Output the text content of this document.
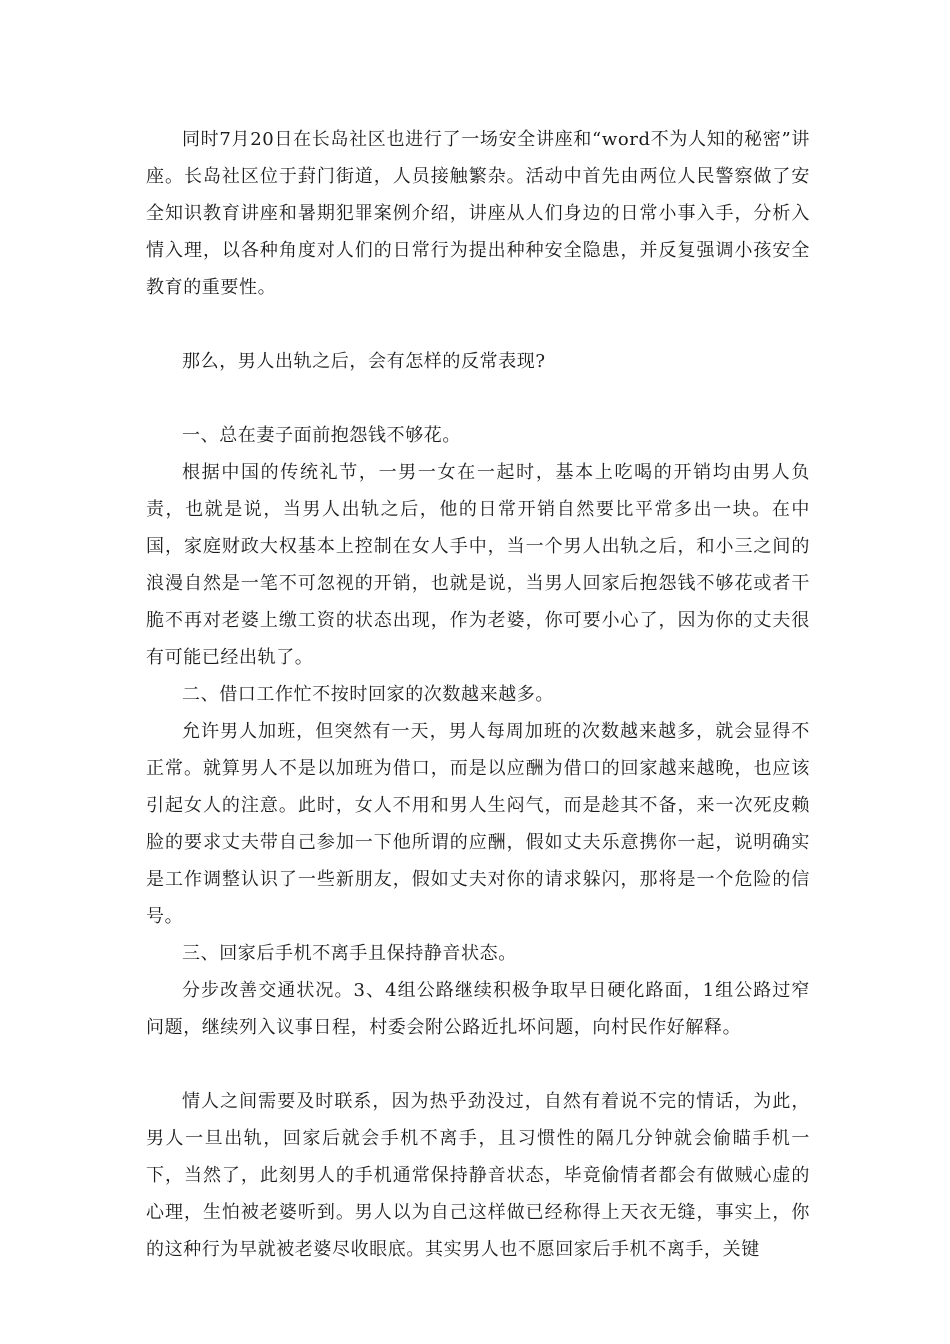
同时7月20日在长岛社区也进行了一场安全讲座和“word不为人知的秘密”讲座。长岛社区位于葑门街道，人员接触繁杂。活动中首先由两位人民警察做了安全知识教育讲座和暑期犯罪案例介绍，讲座从人们身边的日常小事入手，分析入情入理，以各种角度对人们的日常行为提出种种安全隐患，并反复强调小孩安全教育的重要性。

那么，男人出轨之后，会有怎样的反常表现?

一、总在妻子面前抱怨钱不够花。

根据中国的传统礼节，一男一女在一起时，基本上吃喝的开销均由男人负责，也就是说，当男人出轨之后，他的日常开销自然要比平常多出一块。在中国，家庭财政大权基本上控制在女人手中，当一个男人出轨之后，和小三之间的浪漫自然是一笔不可忽视的开销，也就是说，当男人回家后抱怨钱不够花或者干脆不再对老婆上缴工资的状态出现，作为老婆，你可要小心了，因为你的丈夫很有可能已经出轨了。

二、借口工作忙不按时回家的次数越来越多。

允许男人加班，但突然有一天，男人每周加班的次数越来越多，就会显得不正常。就算男人不是以加班为借口，而是以应酬为借口的回家越来越晚，也应该引起女人的注意。此时，女人不用和男人生闷气，而是趁其不备，来一次死皮赖脸的要求丈夫带自己参加一下他所谓的应酬，假如丈夫乐意携你一起，说明确实是工作调整认识了一些新朋友，假如丈夫对你的请求躲闪，那将是一个危险的信号。

三、回家后手机不离手且保持静音状态。

分步改善交通状况。3、4组公路继续积极争取早日硬化路面，1组公路过窄问题，继续列入议事日程，村委会附公路近扎坏问题，向村民作好解释。

情人之间需要及时联系，因为热乎劲没过，自然有着说不完的情话，为此，男人一旦出轨，回家后就会手机不离手，且习惯性的隔几分钟就会偷瞄手机一下，当然了，此刻男人的手机通常保持静音状态，毕竟偷情者都会有做贼心虚的心理，生怕被老婆听到。男人以为自己这样做已经称得上天衣无缝，事实上，你的这种行为早就被老婆尽收眼底。其实男人也不愿回家后手机不离手，关键
